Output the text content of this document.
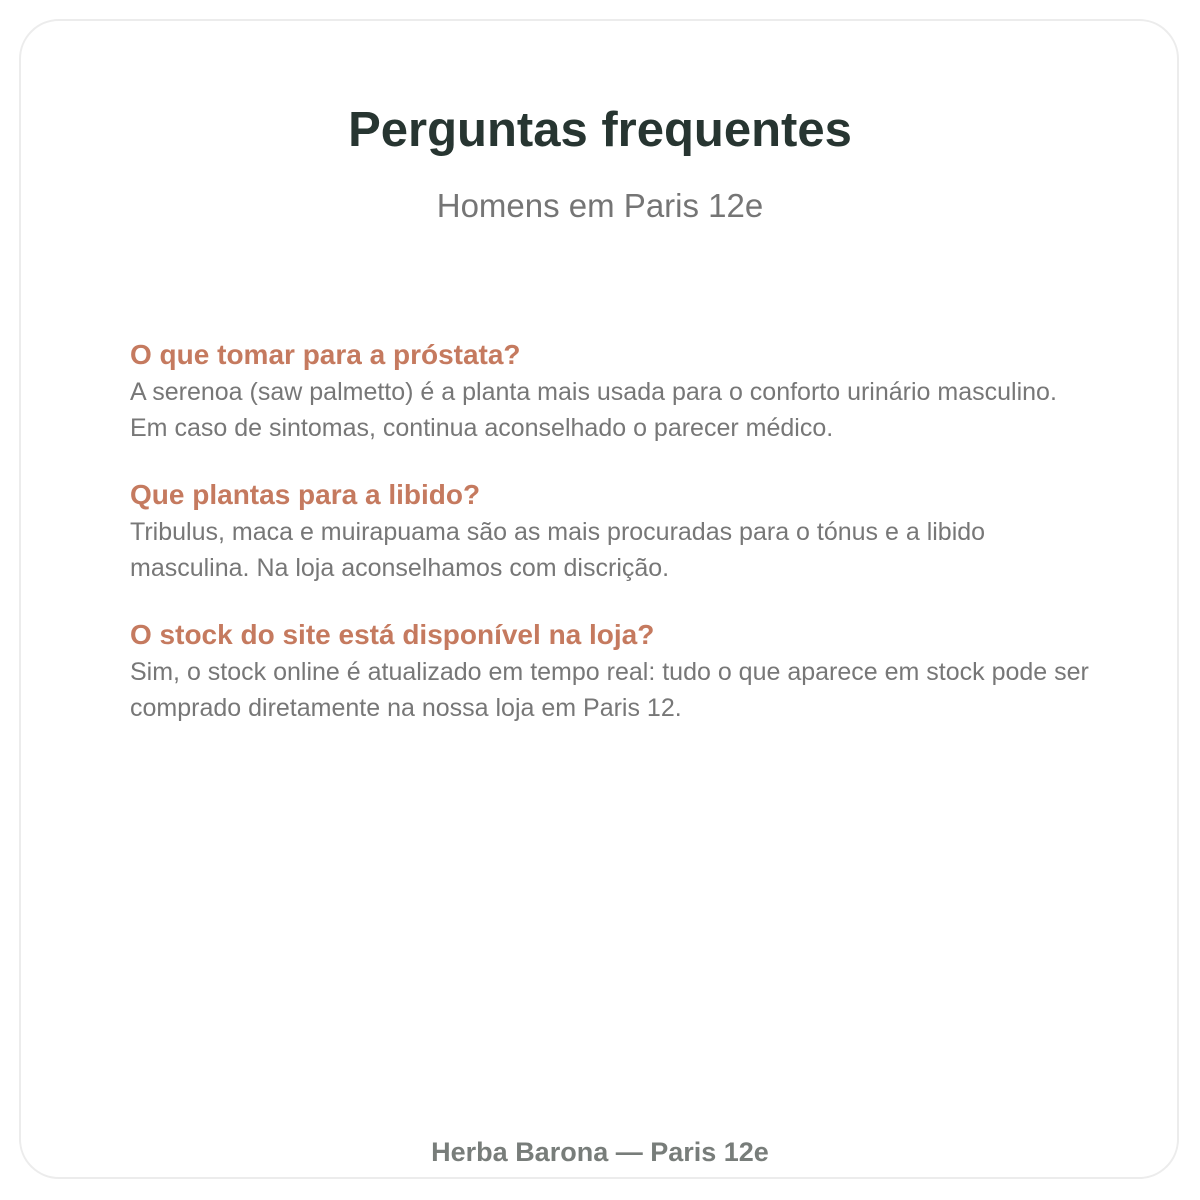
Perguntas frequentes

Homens em Paris 12e

O que tomar para a próstata?

A serenoa (saw palmetto) é a planta mais usada para o conforto urinário masculino. Em caso de sintomas, continua aconselhado o parecer médico.

Que plantas para a libido?

Tribulus, maca e muirapuama são as mais procuradas para o tónus e a libido masculina. Na loja aconselhamos com discrição.

O stock do site está disponível na loja?

Sim, o stock online é atualizado em tempo real: tudo o que aparece em stock pode ser comprado diretamente na nossa loja em Paris 12.

Herba Barona — Paris 12e
